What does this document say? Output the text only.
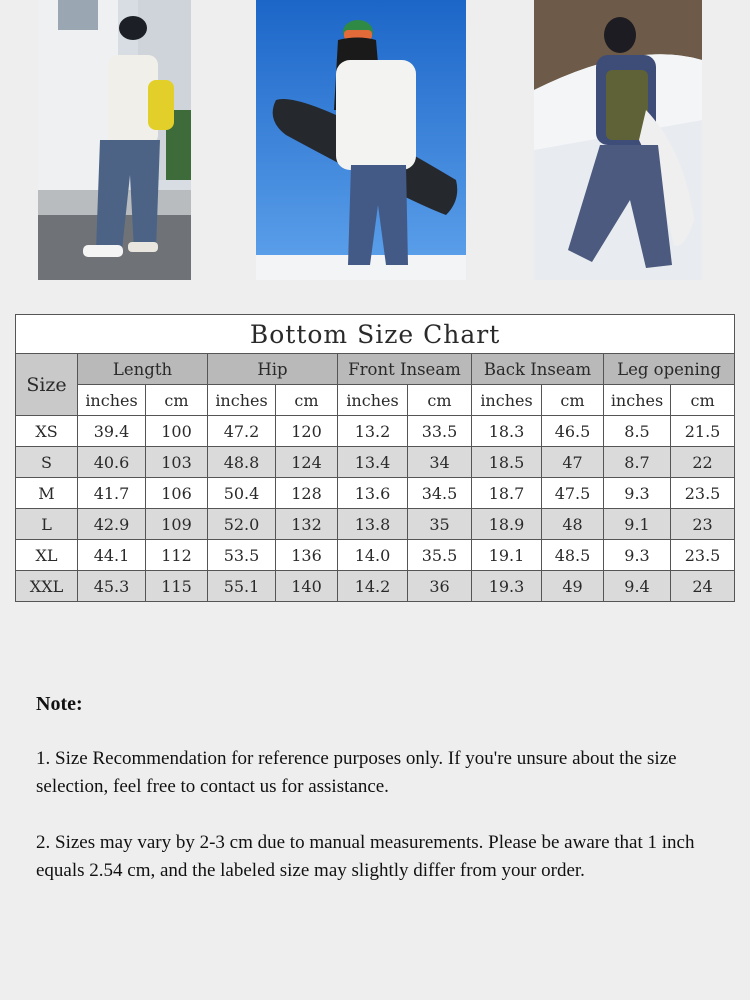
Bottom Size Chart										
Size	Length		Hip		Front Inseam		Back Inseam		Leg opening	
	inches	cm	inches	cm	inches	cm	inches	cm	inches	cm
XS	39.4	100	47.2	120	13.2	33.5	18.3	46.5	8.5	21.5
S	40.6	103	48.8	124	13.4	34	18.5	47	8.7	22
M	41.7	106	50.4	128	13.6	34.5	18.7	47.5	9.3	23.5
L	42.9	109	52.0	132	13.8	35	18.9	48	9.1	23
XL	44.1	112	53.5	136	14.0	35.5	19.1	48.5	9.3	23.5
XXL	45.3	115	55.1	140	14.2	36	19.3	49	9.4	24
Note:

1. Size Recommendation for reference purposes only. If you're unsure about the size selection, feel free to contact us for assistance.

2. Sizes may vary by 2-3 cm due to manual measurements. Please be aware that 1 inch equals 2.54 cm, and the labeled size may slightly differ from your order.
